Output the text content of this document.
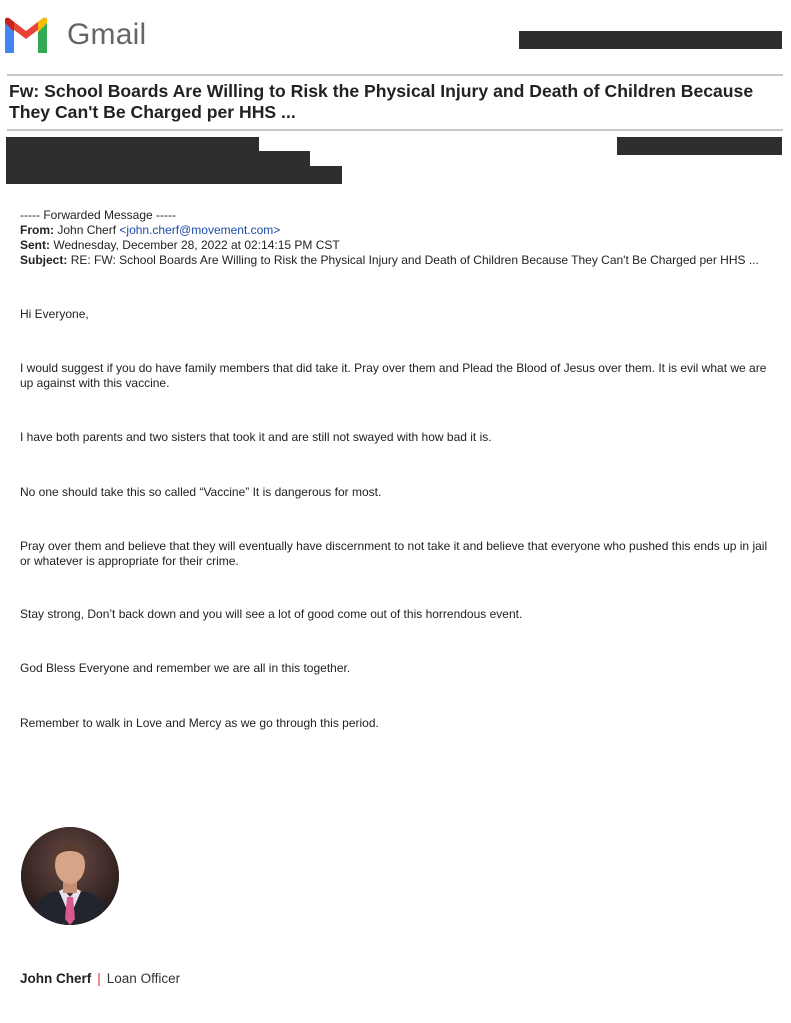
Gmail
Fw: School Boards Are Willing to Risk the Physical Injury and Death of Children Because They Can't Be Charged per HHS ...
----- Forwarded Message -----
From: John Cherf <john.cherf@movement.com>
Sent: Wednesday, December 28, 2022 at 02:14:15 PM CST
Subject: RE: FW: School Boards Are Willing to Risk the Physical Injury and Death of Children Because They Can't Be Charged per HHS ...
Hi Everyone,
I would suggest if you do have family members that did take it. Pray over them and Plead the Blood of Jesus over them. It is evil what we are up against with this vaccine.
I have both parents and two sisters that took it and are still not swayed with how bad it is.
No one should take this so called “Vaccine” It is dangerous for most.
Pray over them and believe that they will eventually have discernment to not take it and believe that everyone who pushed this ends up in jail or whatever is appropriate for their crime.
Stay strong, Don’t back down and you will see a lot of good come out of this horrendous event.
God Bless Everyone and remember we are all in this together.
Remember to walk in Love and Mercy as we go through this period.
John Cherf | Loan Officer
